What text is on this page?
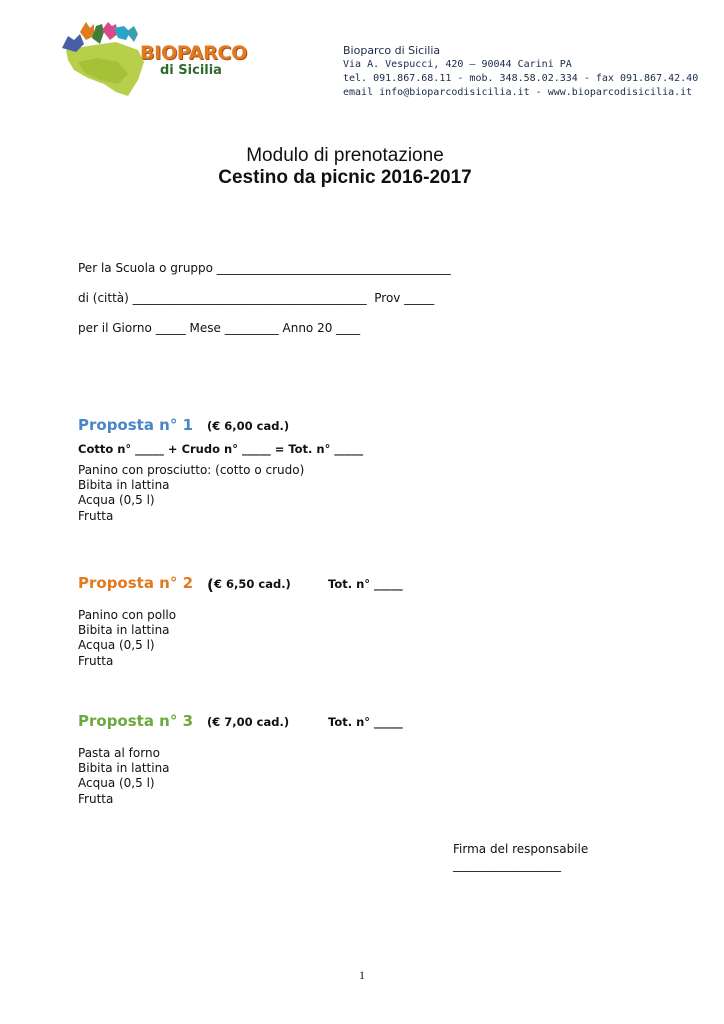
BIOPARCO
di Sicilia
Bioparco di Sicilia
Via A. Vespucci, 420 – 90044 Carini PA
tel. 091.867.68.11 - mob. 348.58.02.334 - fax 091.867.42.40
email info@bioparcodisicilia.it - www.bioparcodisicilia.it
Modulo di prenotazione
Cestino da picnic 2016-2017
Per la Scuola o gruppo _______________________________________
di (città) _______________________________________  Prov _____
per il Giorno _____ Mese _________ Anno 20 ____
Proposta n° 1 (€ 6,00 cad.)
Cotto n° _____ + Crudo n° _____ = Tot. n° _____
Panino con prosciutto: (cotto o crudo)
Bibita in lattina
Acqua (0,5 l)
Frutta
Proposta n° 2 ( € 6,50 cad.)	Tot. n° _____
Panino con pollo
Bibita in lattina
Acqua (0,5 l)
Frutta
Proposta n° 3 (€ 7,00 cad.)	Tot. n° _____
Pasta al forno
Bibita in lattina
Acqua (0,5 l)
Frutta
Firma del responsabile
__________________
1
